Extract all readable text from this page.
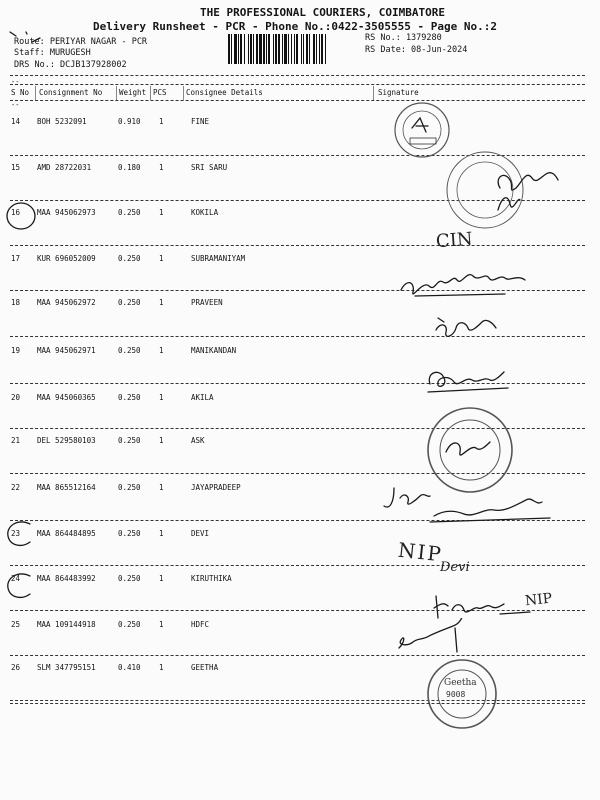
THE PROFESSIONAL COURIERS, COIMBATORE
Delivery Runsheet - PCR - Phone No.:0422-3505555 - Page No.:2
Route: PERIYAR NAGAR - PCR
Staff: MURUGESH
DRS No.: DCJB137928002
RS No.: 1379280
RS Date: 08-Jun-2024
--
S No Consignment No Weight PCS	Consignee Details	Signature
--
14 BOH 5232091	0.910 1	FINE
15 AMD 28722031	0.180 1	SRI SARU
16 MAA 945062973	0.250 1	KOKILA
17 KUR 696052009	0.250 1	SUBRAMANIYAM
18 MAA 945062972	0.250 1	PRAVEEN
19 MAA 945062971	0.250 1	MANIKANDAN
20 MAA 945060365	0.250 1	AKILA
21 DEL 529580103	0.250 1	ASK
22 MAA 865512164	0.250 1	JAYAPRADEEP
23 MAA 864484895	0.250 1	DEVI
24 MAA 864483992	0.250 1	KIRUTHIKA
25 MAA 109144918	0.250 1	HDFC
26 SLM 347795151	0.410 1	GEETHA
CIN
NIP
Devi
NIP
Geetha
9008
